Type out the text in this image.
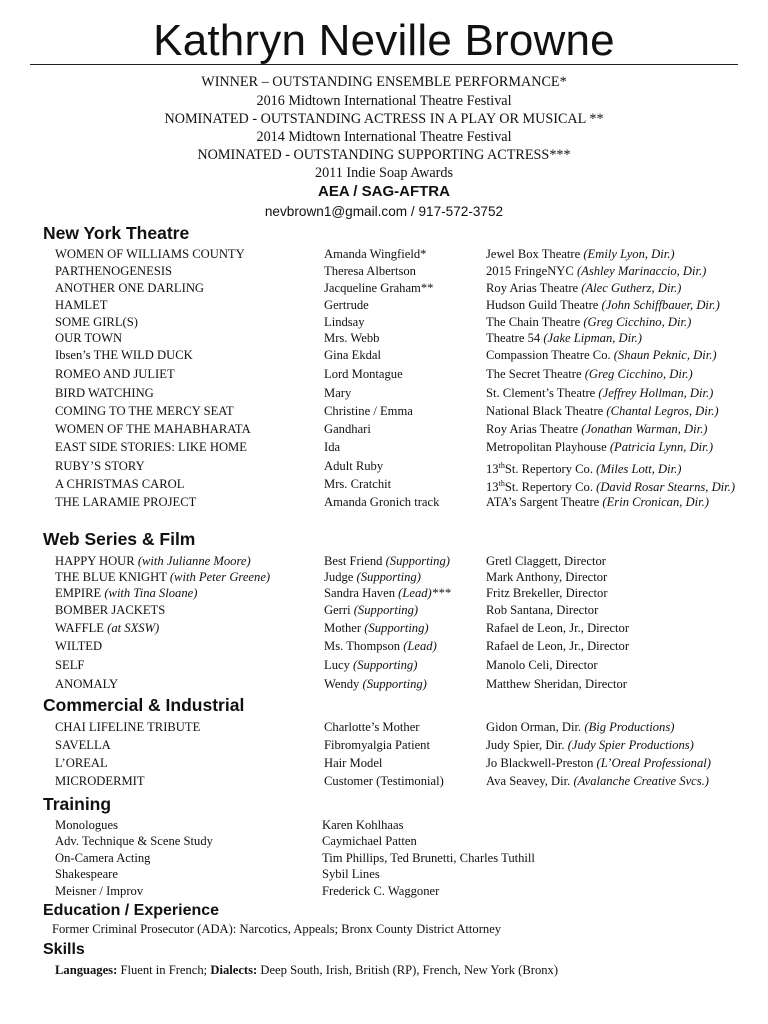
Kathryn Neville Browne
WINNER – OUTSTANDING ENSEMBLE PERFORMANCE*
2016 Midtown International Theatre Festival
NOMINATED - OUTSTANDING ACTRESS IN A PLAY OR MUSICAL **
2014 Midtown International Theatre Festival
NOMINATED - OUTSTANDING SUPPORTING ACTRESS***
2011 Indie Soap Awards
AEA / SAG-AFTRA
nevbrown1@gmail.com / 917-572-3752
New York Theatre
WOMEN OF WILLIAMS COUNTY	Amanda Wingfield*	Jewel Box Theatre (Emily Lyon, Dir.)
PARTHENOGENESIS	Theresa Albertson	2015 FringeNYC (Ashley Marinaccio, Dir.)
ANOTHER ONE DARLING	Jacqueline Graham**	Roy Arias Theatre (Alec Gutherz, Dir.)
HAMLET	Gertrude	Hudson Guild Theatre (John Schiffbauer, Dir.)
SOME GIRL(S)	Lindsay	The Chain Theatre (Greg Cicchino, Dir.)
OUR TOWN	Mrs. Webb	Theatre 54 (Jake Lipman, Dir.)
Ibsen’s THE WILD DUCK	Gina Ekdal	Compassion Theatre Co. (Shaun Peknic, Dir.)
ROMEO AND JULIET	Lord Montague	The Secret Theatre (Greg Cicchino, Dir.)
BIRD WATCHING	Mary	St. Clement’s Theatre (Jeffrey Hollman, Dir.)
COMING TO THE MERCY SEAT	Christine / Emma	National Black Theatre (Chantal Legros, Dir.)
WOMEN OF THE MAHABHARATA	Gandhari	Roy Arias Theatre (Jonathan Warman, Dir.)
EAST SIDE STORIES: LIKE HOME	Ida	Metropolitan Playhouse (Patricia Lynn, Dir.)
RUBY’S STORY	Adult Ruby	13thSt. Repertory Co. (Miles Lott, Dir.)
A CHRISTMAS CAROL	Mrs. Cratchit	13thSt. Repertory Co. (David Rosar Stearns, Dir.)
THE LARAMIE PROJECT	Amanda Gronich track	ATA’s Sargent Theatre (Erin Cronican, Dir.)
Web Series & Film
HAPPY HOUR (with Julianne Moore)	Best Friend (Supporting)	Gretl Claggett, Director
THE BLUE KNIGHT (with Peter Greene)	Judge (Supporting)	Mark Anthony, Director
EMPIRE (with Tina Sloane)	Sandra Haven (Lead)***	Fritz Brekeller, Director
BOMBER JACKETS	Gerri (Supporting)	Rob Santana, Director
WAFFLE (at SXSW)	Mother (Supporting)	Rafael de Leon, Jr., Director
WILTED	Ms. Thompson (Lead)	Rafael de Leon, Jr., Director
SELF	Lucy (Supporting)	Manolo Celi, Director
ANOMALY	Wendy (Supporting)	Matthew Sheridan, Director
Commercial & Industrial
CHAI LIFELINE TRIBUTE	Charlotte’s Mother	Gidon Orman, Dir. (Big Productions)
SAVELLA	Fibromyalgia Patient	Judy Spier, Dir. (Judy Spier Productions)
L’OREAL	Hair Model	Jo Blackwell-Preston (L’Oreal Professional)
MICRODERMIT	Customer (Testimonial)	Ava Seavey, Dir. (Avalanche Creative Svcs.)
Training
Monologues	Karen Kohlhaas
Adv. Technique & Scene Study	Caymichael Patten
On-Camera Acting	Tim Phillips, Ted Brunetti, Charles Tuthill
Shakespeare	Sybil Lines
Meisner / Improv	Frederick C. Waggoner
Education / Experience
Former Criminal Prosecutor (ADA): Narcotics, Appeals; Bronx County District Attorney
Skills
Languages: Fluent in French; Dialects: Deep South, Irish, British (RP), French, New York (Bronx)
